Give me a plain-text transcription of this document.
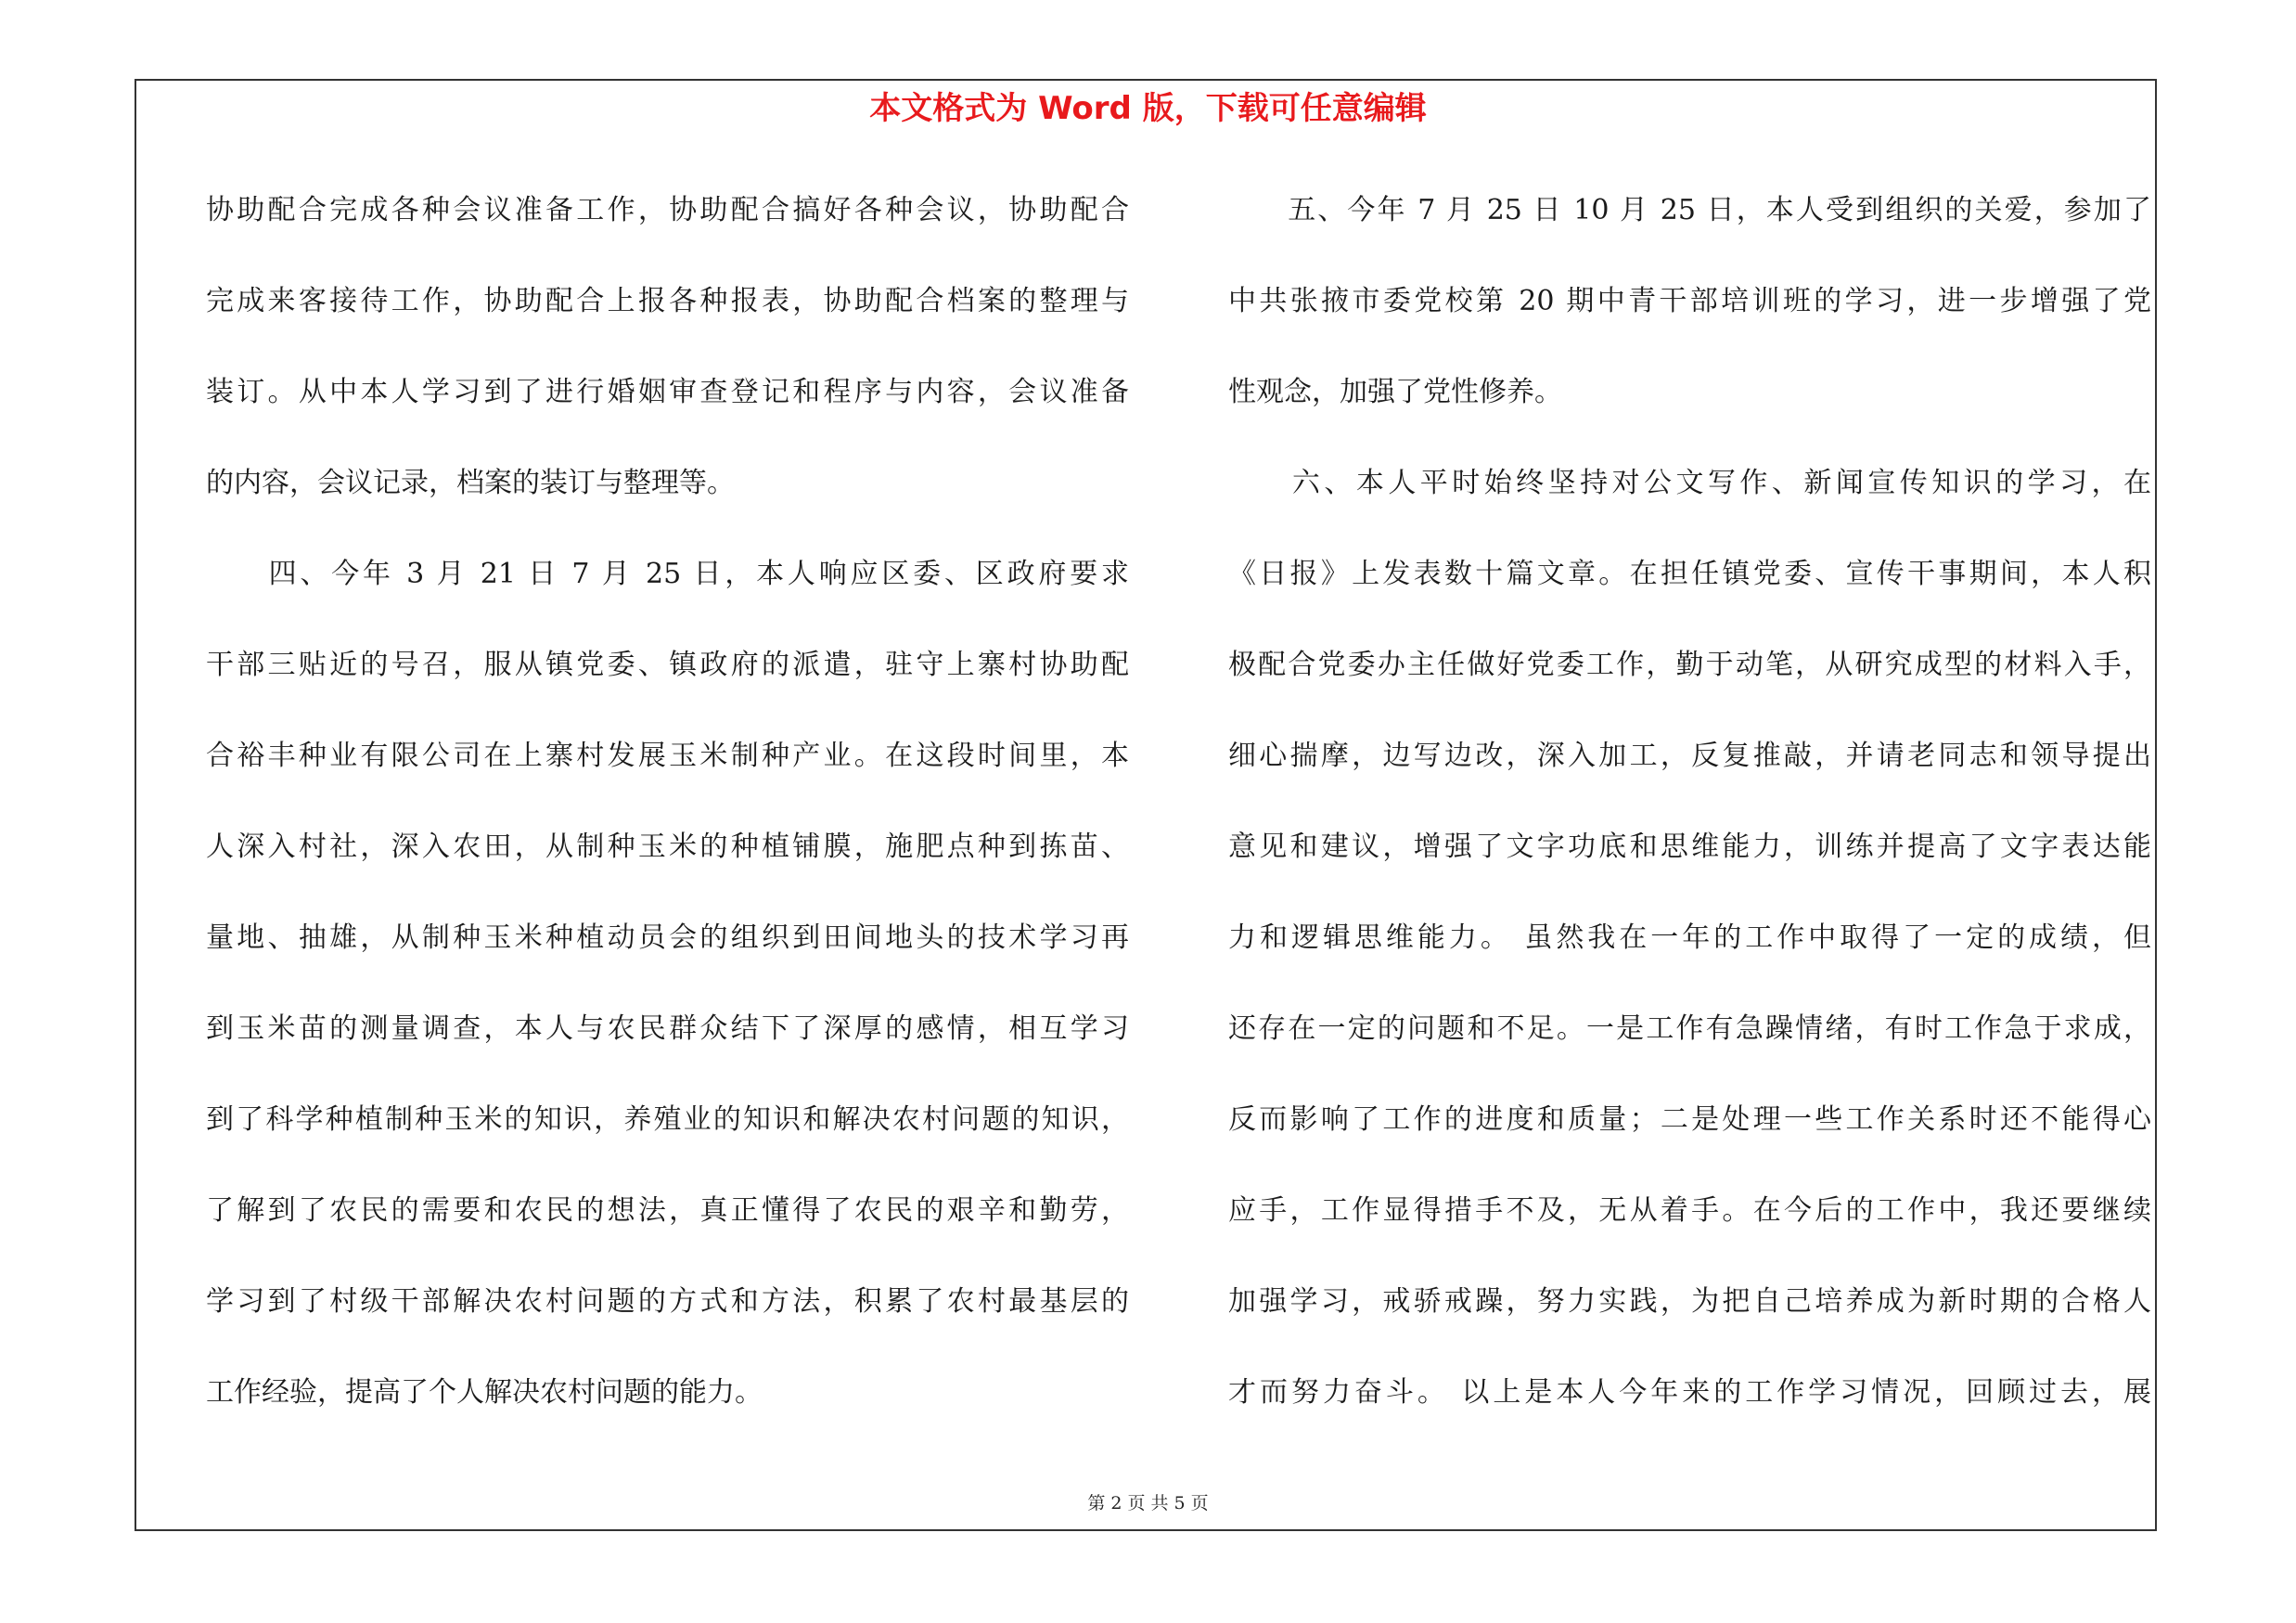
本文格式为 Word 版，下载可任意编辑
协助配合完成各种会议准备工作，协助配合搞好各种会议，协助配合
完成来客接待工作，协助配合上报各种报表，协助配合档案的整理与
装订。从中本人学习到了进行婚姻审查登记和程序与内容，会议准备
的内容，会议记录，档案的装订与整理等。
　　四、今年 3 月 21 日 7 月 25 日，本人响应区委、区政府要求
干部三贴近的号召，服从镇党委、镇政府的派遣，驻守上寨村协助配
合裕丰种业有限公司在上寨村发展玉米制种产业。在这段时间里，本
人深入村社，深入农田，从制种玉米的种植铺膜，施肥点种到拣苗、
量地、抽雄，从制种玉米种植动员会的组织到田间地头的技术学习再
到玉米苗的测量调查，本人与农民群众结下了深厚的感情，相互学习
到了科学种植制种玉米的知识，养殖业的知识和解决农村问题的知识，
了解到了农民的需要和农民的想法，真正懂得了农民的艰辛和勤劳，
学习到了村级干部解决农村问题的方式和方法，积累了农村最基层的
工作经验，提高了个人解决农村问题的能力。
　　五、今年 7 月 25 日 10 月 25 日，本人受到组织的关爱，参加了
中共张掖市委党校第 20 期中青干部培训班的学习，进一步增强了党
性观念，加强了党性修养。
　　六、本人平时始终坚持对公文写作、新闻宣传知识的学习，在
《日报》上发表数十篇文章。在担任镇党委、宣传干事期间，本人积
极配合党委办主任做好党委工作，勤于动笔，从研究成型的材料入手，
细心揣摩，边写边改，深入加工，反复推敲，并请老同志和领导提出
意见和建议，增强了文字功底和思维能力，训练并提高了文字表达能
力和逻辑思维能力。 虽然我在一年的工作中取得了一定的成绩，但
还存在一定的问题和不足。一是工作有急躁情绪，有时工作急于求成，
反而影响了工作的进度和质量；二是处理一些工作关系时还不能得心
应手，工作显得措手不及，无从着手。在今后的工作中，我还要继续
加强学习，戒骄戒躁，努力实践，为把自己培养成为新时期的合格人
才而努力奋斗。 以上是本人今年来的工作学习情况，回顾过去，展
第 2 页 共 5 页
